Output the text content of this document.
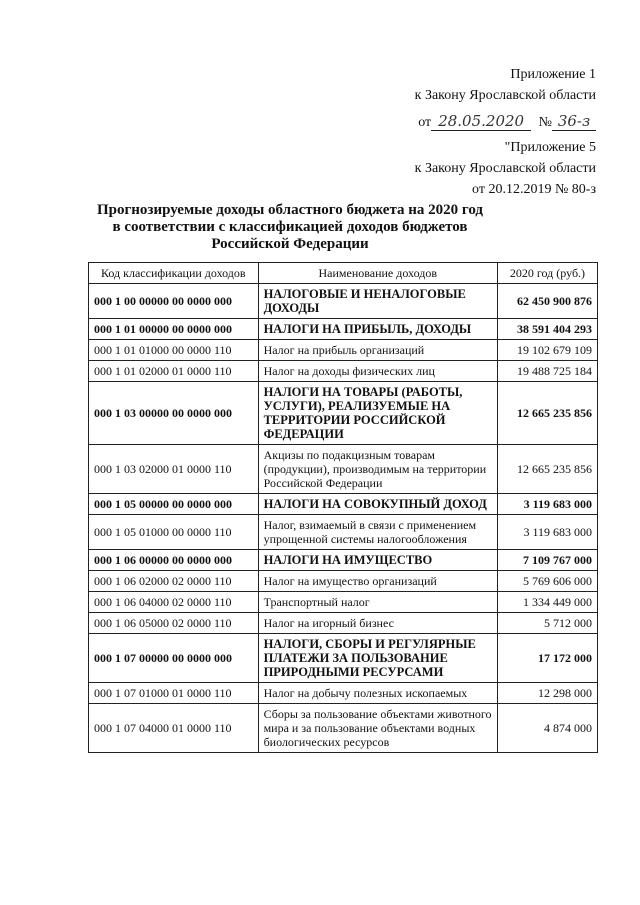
Приложение 1
к Закону Ярославской области
от 28.05.2020 № 36-з
"Приложение 5
к Закону Ярославской области
от 20.12.2019 № 80-з
Прогнозируемые доходы областного бюджета на 2020 год
в соответствии с классификацией доходов бюджетов
Российской Федерации
Код классификации доходов	Наименование доходов	2020 год (руб.)
000 1 00 00000 00 0000 000	НАЛОГОВЫЕ И НЕНАЛОГОВЫЕ ДОХОДЫ	62 450 900 876
000 1 01 00000 00 0000 000	НАЛОГИ НА ПРИБЫЛЬ, ДОХОДЫ	38 591 404 293
000 1 01 01000 00 0000 110	Налог на прибыль организаций	19 102 679 109
000 1 01 02000 01 0000 110	Налог на доходы физических лиц	19 488 725 184
000 1 03 00000 00 0000 000	НАЛОГИ НА ТОВАРЫ (РАБОТЫ, УСЛУГИ), РЕАЛИЗУЕМЫЕ НА ТЕРРИТОРИИ РОССИЙСКОЙ ФЕДЕРАЦИИ	12 665 235 856
000 1 03 02000 01 0000 110	Акцизы по подакцизным товарам (продукции), производимым на территории Российской Федерации	12 665 235 856
000 1 05 00000 00 0000 000	НАЛОГИ НА СОВОКУПНЫЙ ДОХОД	3 119 683 000
000 1 05 01000 00 0000 110	Налог, взимаемый в связи с применением упрощенной системы налогообложения	3 119 683 000
000 1 06 00000 00 0000 000	НАЛОГИ НА ИМУЩЕСТВО	7 109 767 000
000 1 06 02000 02 0000 110	Налог на имущество организаций	5 769 606 000
000 1 06 04000 02 0000 110	Транспортный налог	1 334 449 000
000 1 06 05000 02 0000 110	Налог на игорный бизнес	5 712 000
000 1 07 00000 00 0000 000	НАЛОГИ, СБОРЫ И РЕГУЛЯРНЫЕ ПЛАТЕЖИ ЗА ПОЛЬЗОВАНИЕ ПРИРОДНЫМИ РЕСУРСАМИ	17 172 000
000 1 07 01000 01 0000 110	Налог на добычу полезных ископаемых	12 298 000
000 1 07 04000 01 0000 110	Сборы за пользование объектами животного мира и за пользование объектами водных биологических ресурсов	4 874 000
